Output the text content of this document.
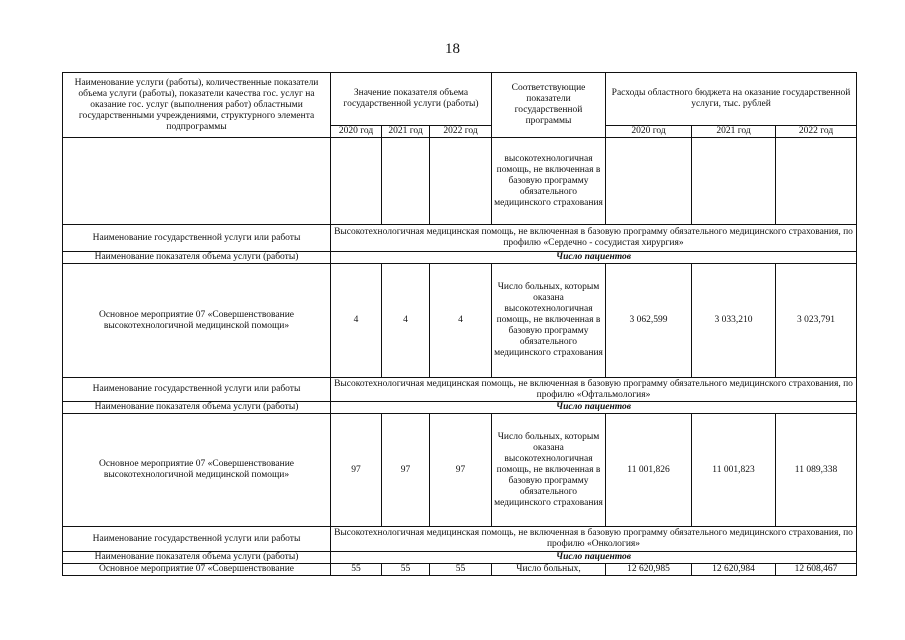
18
Наименование услуги (работы), количественные показатели объема услуги (работы), показатели качества гос. услуг на оказание гос. услуг (выполнения работ) областными государственными учреждениями, структурного элемента подпрограммы	Значение показателя объема государственной услуги (работы)			Соответствующие показатели государственной программы	Расходы областного бюджета на оказание государственной услуги, тыс. рублей		
	2020 год	2021 год	2022 год		2020 год	2021 год	2022 год
				высокотехнологичная помощь, не включенная в базовую программу обязательного медицинского страхования			
Наименование государственной услуги или работы	Высокотехнологичная медицинская помощь, не включенная в базовую программу обязательного медицинского страхования, по профилю «Сердечно - сосудистая хирургия»						
Наименование показателя объема услуги (работы)	Число пациентов						
Основное мероприятие 07 «Совершенствование высокотехнологичной медицинской помощи»	4	4	4	Число больных, которым оказана высокотехнологичная помощь, не включенная в базовую программу обязательного медицинского страхования	3 062,599	3 033,210	3 023,791
Наименование государственной услуги или работы	Высокотехнологичная медицинская помощь, не включенная в базовую программу обязательного медицинского страхования, по профилю «Офтальмология»						
Наименование показателя объема услуги (работы)	Число пациентов						
Основное мероприятие 07 «Совершенствование высокотехнологичной медицинской помощи»	97	97	97	Число больных, которым оказана высокотехнологичная помощь, не включенная в базовую программу обязательного медицинского страхования	11 001,826	11 001,823	11 089,338
Наименование государственной услуги или работы	Высокотехнологичная медицинская помощь, не включенная в базовую программу обязательного медицинского страхования, по профилю «Онкология»						
Наименование показателя объема услуги (работы)	Число пациентов						
Основное мероприятие 07 «Совершенствование	55	55	55	Число больных,	12 620,985	12 620,984	12 608,467
